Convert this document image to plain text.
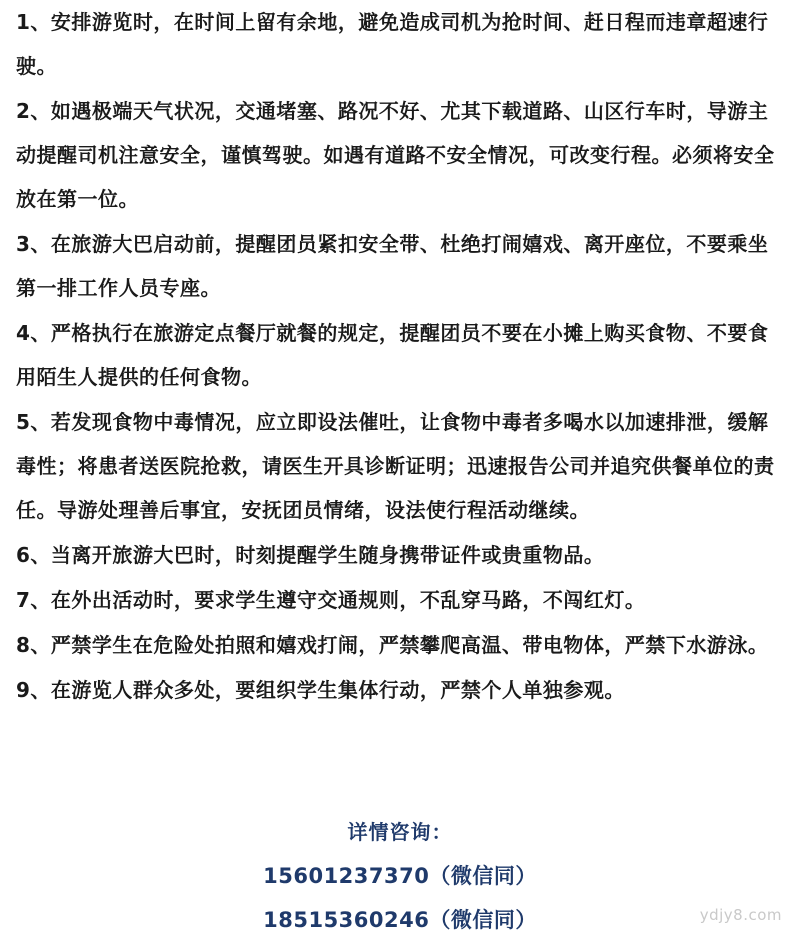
1、安排游览时，在时间上留有余地，避免造成司机为抢时间、赶日程而违章超速行驶。
2、如遇极端天气状况，交通堵塞、路况不好、尤其下载道路、山区行车时，导游主动提醒司机注意安全，谨慎驾驶。如遇有道路不安全情况，可改变行程。必须将安全放在第一位。
3、在旅游大巴启动前，提醒团员紧扣安全带、杜绝打闹嬉戏、离开座位，不要乘坐第一排工作人员专座。
4、严格执行在旅游定点餐厅就餐的规定，提醒团员不要在小摊上购买食物、不要食用陌生人提供的任何食物。
5、若发现食物中毒情况，应立即设法催吐，让食物中毒者多喝水以加速排泄，缓解毒性；将患者送医院抢救，请医生开具诊断证明；迅速报告公司并追究供餐单位的责任。导游处理善后事宜，安抚团员情绪，设法使行程活动继续。
6、当离开旅游大巴时，时刻提醒学生随身携带证件或贵重物品。
7、在外出活动时，要求学生遵守交通规则，不乱穿马路，不闯红灯。
8、严禁学生在危险处拍照和嬉戏打闹，严禁攀爬高温、带电物体，严禁下水游泳。
9、在游览人群众多处，要组织学生集体行动，严禁个人单独参观。
详情咨询：
15601237370（微信同）
18515360246（微信同）	ydjy8.com
